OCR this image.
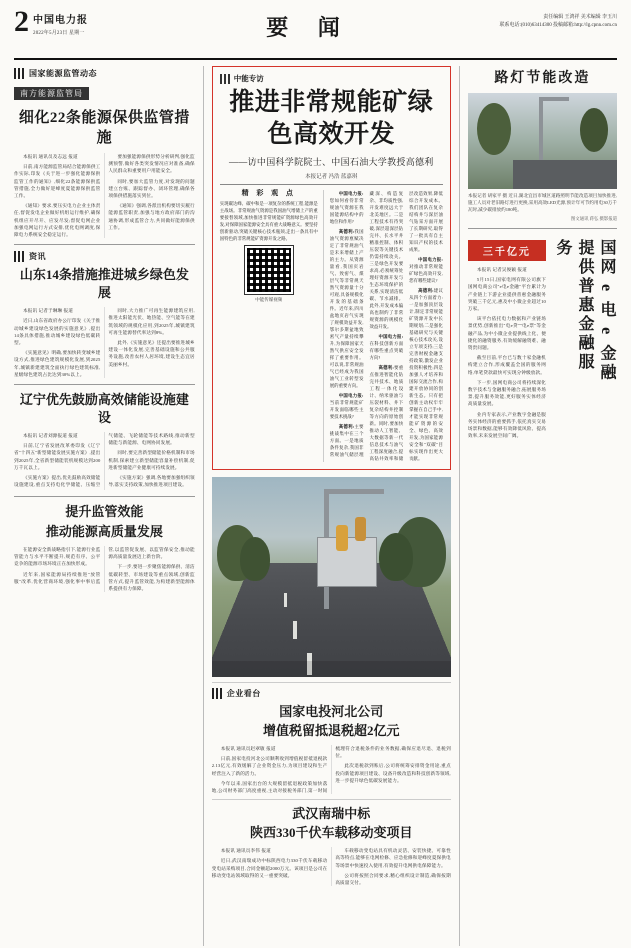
2 中国电力报
2022年5月23日 星期一	要 闻	责任编辑 王鸿祥 美术编辑 李玉川
联系电话:(010)63414300 投稿邮箱:http://lg.cpnn.com.cn
国家能源监管动态
南方能源监管局
细化22条能源保供监管措施

本报讯 通讯员及志远 报道

日前,南方能源监管局结合能源保供工作实际,印发《关于进一步强化能源保供监管工作的通知》,细化22条能源保供监管措施,全力做好迎峰度夏能源保供监管工作。

《通知》要求,要压实电力企业主体责任,督促发电企业做好机组运行维护,确保机组应开尽开、应发尽发;督促电网企业加强电网运行方式安排,优化电网调度,保障电力系统安全稳定运行。

要加强能源保供形势分析研判,强化监测预警,做好各类突发情况应对准备,确保人民群众和重要用户用能安全。

同时,要加大监管力度,对发现的问题建立台账、跟踪督办、闭环管理,确保各项保供措施落实到位。

《通知》强调,各派出机构要切实履行能源监管职责,加强与地方政府部门的沟通协调,形成监管合力,共同做好能源保供工作。

资讯
山东14条措施推进城乡绿色发展

本报讯 记者于琳琳 报道

近日,山东省政府办公厅印发《关于推动城乡建设绿色发展的实施意见》,提出14条具体措施,推动城乡建设绿色低碳转型。

《实施意见》明确,要加快转变城乡建设方式,推进绿色建筑规模化发展,到2025年,城镇新建建筑全面执行绿色建筑标准,星级绿色建筑占比达到30%以上。

同时,大力推广可再生能源建筑应用,推进太阳能光伏、地热能、空气能等在建筑领域的规模化应用,到2025年,城镇建筑可再生能源替代率达到8%。

此外,《实施意见》还提出要推进城乡建设一体化发展,完善基础设施和公共服务设施,改善农村人居环境,建设生态宜居美丽乡村。

辽宁优先鼓励高效储能设施建设

本报讯 记者刘源报道 报道

日前,辽宁省发展改革委印发《辽宁省"十四五"新型储能发展实施方案》,提出到2025年,全省新型储能装机规模达到200万千瓦以上。

《实施方案》提出,优先鼓励高效储能设施建设,重点支持电化学储能、压缩空气储能、飞轮储能等技术路线,推动新型储能与新能源、电网协同发展。

同时,要完善新型储能价格机制和市场机制,探索建立新型储能容量补偿机制,促进新型储能产业健康可持续发展。

《实施方案》强调,各地要加强组织领导,落实支持政策,加快推进项目建设。

提升监管效能
推动能源高质量发展

在能源安全新战略指引下,能源行业监管能力与水平不断提升,规范有序、公平竞争的能源市场环境正在加快形成。

近年来,国家能源局持续推进"放管服"改革,优化营商环境,强化事中事后监管,以监管促发展、以监管保安全,推动能源高质量发展迈上新台阶。

下一步,要进一步聚焦能源保供、清洁低碳转型、市场建设等重点领域,创新监管方式,提升监管效能,为构建新型能源体系提供有力保障。

中能专访
推进非常规能矿绿色高效开发
——访中国科学院院士、中国石油大学教授高德利
本报记者 冯浩 蓝嘉琪
精 彩 观 点
实现碳达峰、碳中和是一项复杂的系统工程,能源是主战场。非常规油气资源是我国油气增储上产的重要接替领域,加快推进非常规能矿资源绿色高效开发,对保障国家能源安全具有重大战略意义。要坚持创新驱动,突破关键核心技术瓶颈,走出一条具有中国特色的非常规能矿资源开发之路。
中能传媒视频

中国电力报:您如何看待非常规油气资源在我国能源结构中的地位和作用?

高德利:我国油气资源禀赋决定了非常规油气是未来增储上产的主力。从资源量看,我国页岩气、致密气、煤层气等非常规天然气资源量十分可观,具备规模化开发的基础条件。近年来,四川盆地页岩气实现了规模效益开发,鄂尔多斯盆地致密气产量持续攀升,为保障国家天然气供应安全发挥了重要作用。可以说,非常规油气已经成为我国油气工业转型发展的重要方向。

中国电力报:当前非常规能矿开发面临哪些主要技术挑战?

高德利:主要挑战集中在三个方面。一是地质条件复杂,我国非常规油气储层埋藏深、构造复杂、非均质性强,开发难度远大于北美地区。二是工程技术有待突破,深层超深层钻完井、长水平井精准控制、体积压裂等关键技术仍需持续攻关。三是绿色开发要求高,必须统筹处理好资源开发与生态环境保护的关系,实现清洁低碳、节水减排。此外,开发成本偏高也制约了非常规资源的规模化效益开发。

中国电力报:在科技创新方面有哪些重点突破方向?

高德利:要重点推进智能化钻完井技术、地质工程一体化设计、纳米驱油与压裂材料、井下复杂结构井控制等方向的原始创新。同时,要加快推动人工智能、大数据等新一代信息技术与油气工程深度融合,提高钻井效率和储层改造效果,降低综合开发成本。我们团队在复杂结构井与深层油气钻采方面开展了长期研究,取得了一批具有自主知识产权的技术成果。

中国电力报:对推动非常规能矿绿色高效开发,您有哪些建议?

高德利:建议从四个方面着力:一是加强顶层设计,制定非常规能矿资源开发中长期规划;二是强化基础研究与关键核心技术攻关,设立专项支持;三是完善财税金融支持政策,激发企业投资积极性;四是加强人才培养和国际交流合作,构建开放协同的创新生态。只有把创新主动权牢牢掌握在自己手中,才能实现非常规能矿资源的安全、绿色、高效开发,为国家能源安全和"双碳"目标实现作出更大贡献。

企业看台
国家电投河北公司
增值税留抵退税超2亿元

本报讯 通讯员赵翠敏 报道

日前,国家电投河北公司顺利收到增值税留抵退税款2.13亿元,有效缓解了企业资金压力,为项目建设和生产经营注入了新的活力。

今年以来,国家出台的大规模留抵退税政策加快落地,公司财务部门高度重视,主动对接税务部门,第一时间梳理符合退税条件的业务数据,确保应退尽退、退税到位。

此次退税款到账后,公司将统筹安排资金用途,重点投向新能源项目建设、设备升级改造和科技创新等领域,进一步提升绿色低碳发展能力。

武汉南瑞中标
陕西330千伏车载移动变项目

本报讯 通讯员李伟 报道

近日,武汉南瑞成功中标陕西电力330千伏车载移动变电站采购项目,合同金额超2000万元。该项目是公司在移动变电站领域取得的又一重要突破。

车载移动变电站具有机动灵活、安装快捷、可靠性高等特点,能够在电网检修、应急抢修和迎峰度夏保供电等场景中快速投入使用,有效提升电网供电保障能力。

公司将按照合同要求,精心组织设计制造,确保按期高质量交付。

路灯节能改造
本报记者 胡家平 摄 近日,湖北宜昌市城区道路照明节能改造项目加快推进,施工人员对老旧路灯进行更换,采用高效LED光源,预计年可节约用电30万千瓦时,减少碳排放约180吨。
图文通讯 蒋弘 摄影报道
三千亿元

本报讯 记者吴俊颖 报道

5月15日,国家电网有限公司旗下国网电商公司"e电e金融"平台累计为产业链上下游企业提供普惠金融服务突破三千亿元,惠及中小微企业超过10万家。

该平台依托电力数据和产业链场景优势,创新推出"电e贷""电e票"等金融产品,为中小微企业提供线上化、便捷化的融资服务,有效缓解融资难、融资贵问题。

截至目前,平台已与数十家金融机构建立合作,形成覆盖全国的服务网络,单笔贷款最快可实现分钟级放款。

下一步,国网电商公司将持续深化数字技术与金融服务融合,拓展服务场景,提升服务效能,更好服务实体经济高质量发展。

业内专家表示,产业数字金融是服务实体经济的重要抓手,依托真实交易场景和数据,能够有效降低风险、提高效率,未来发展空间广阔。

国网 e 电 e 金融 提供普惠金融服务
